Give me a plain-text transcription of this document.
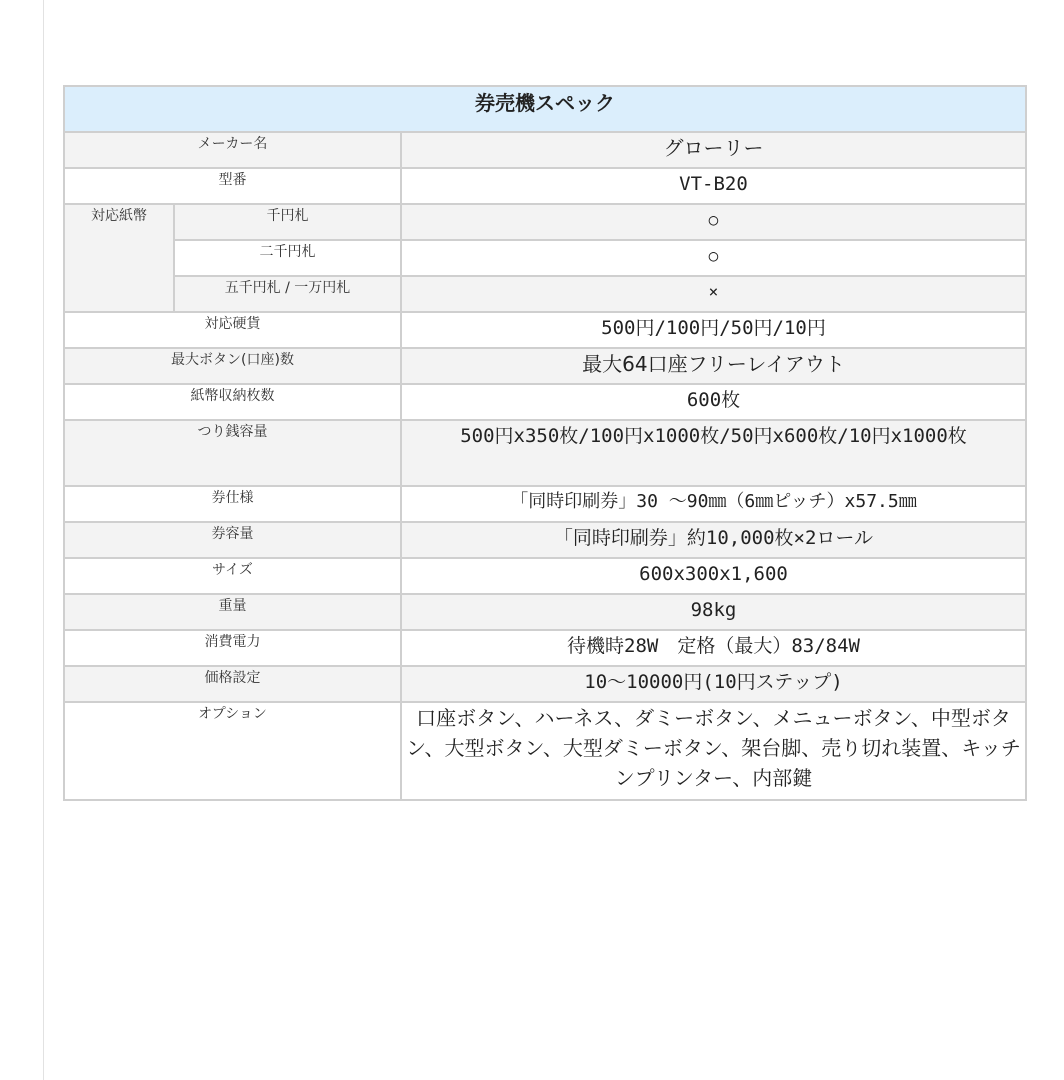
券売機スペック		
メーカー名		グローリー
型番		VT-B20
対応紙幣	千円札	○
	二千円札	○
	五千円札 / 一万円札	×
対応硬貨		500円/100円/50円/10円
最大ボタン(口座)数		最大64口座フリーレイアウト
紙幣収納枚数		600枚
つり銭容量		500円x350枚/100円x1000枚/50円x600枚/10円x1000枚
券仕様		「同時印刷券」30 〜90㎜（6㎜ピッチ）x57.5㎜
券容量		「同時印刷券」約10,000枚×2ロール
サイズ		600x300x1,600
重量		98kg
消費電力		待機時28W　定格（最大）83/84W
価格設定		10〜10000円(10円ステップ)
オプション		口座ボタン、ハーネス、ダミーボタン、メニューボタン、中型ボタン、大型ボタン、大型ダミーボタン、架台脚、売り切れ装置、キッチンプリンター、内部鍵
